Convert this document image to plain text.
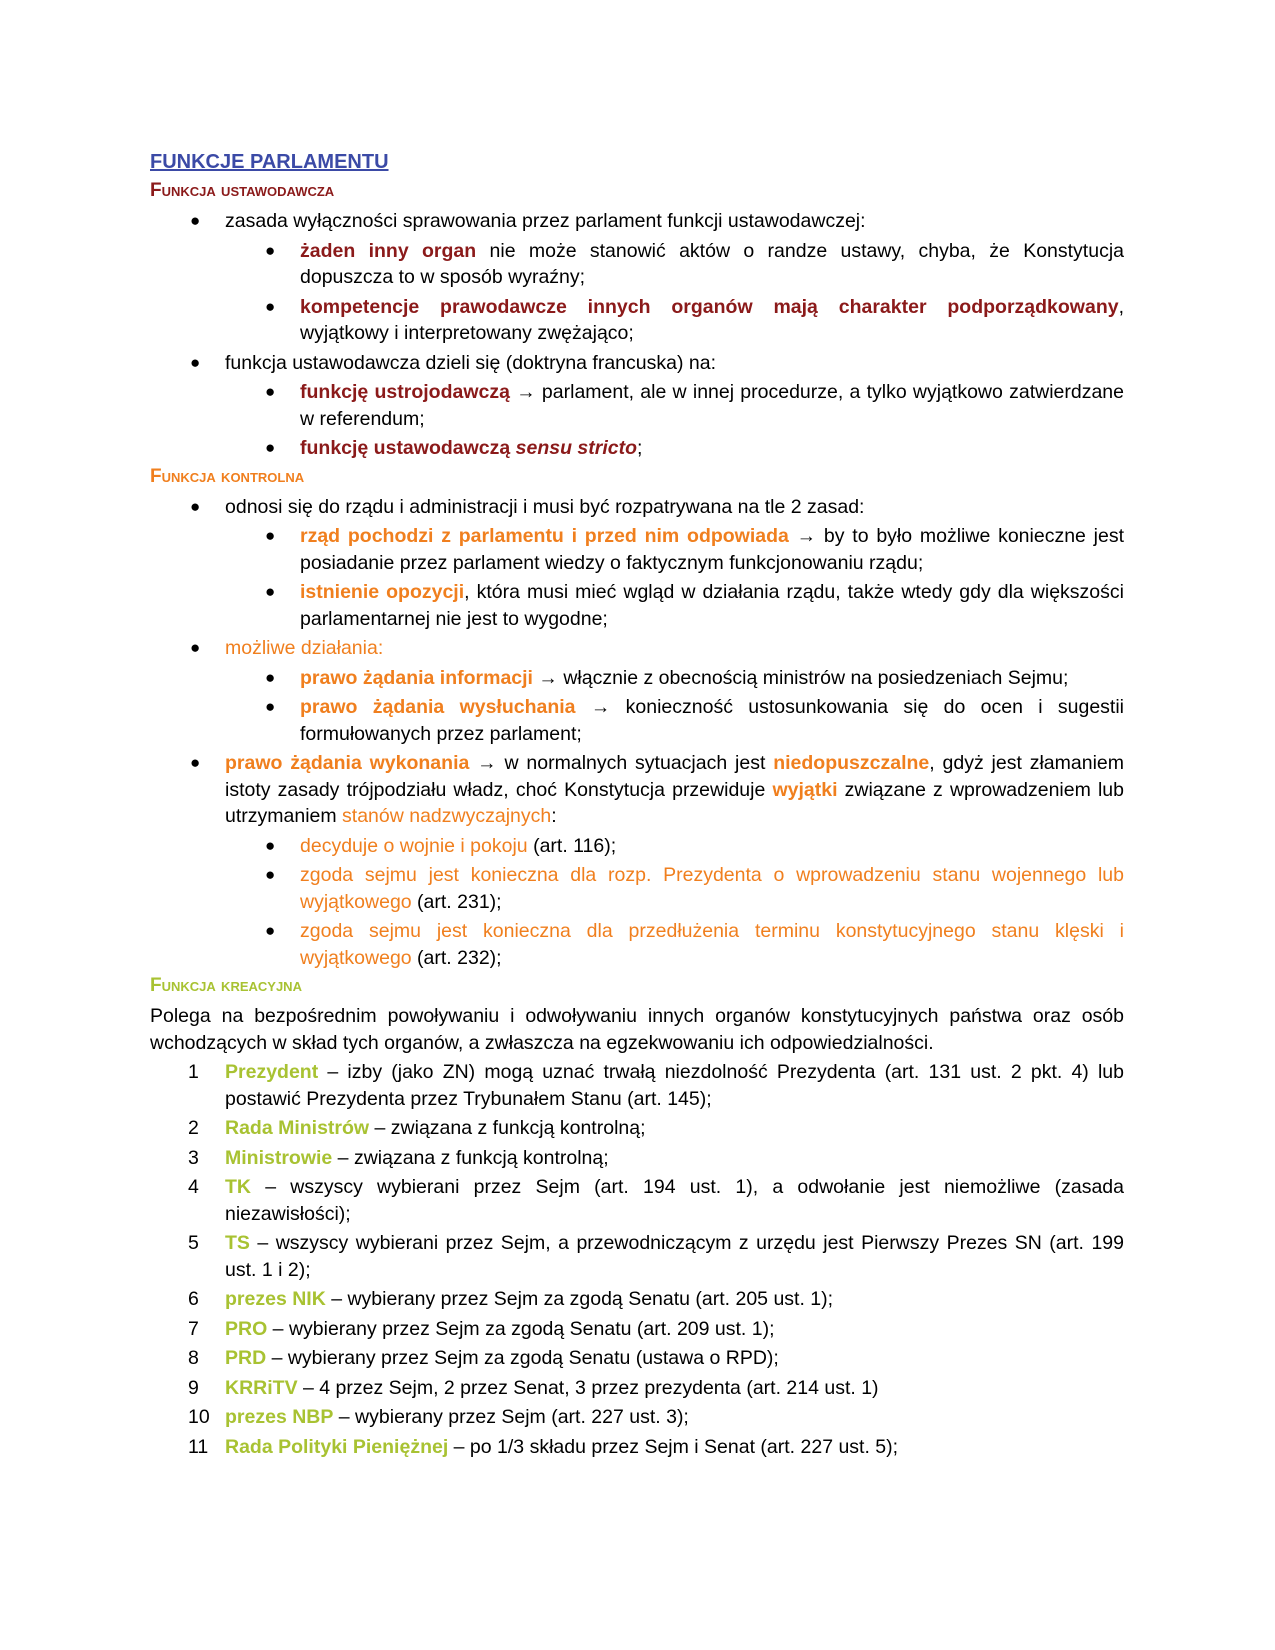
FUNKCJE PARLAMENTU
Funkcja ustawodawcza
● zasada wyłączności sprawowania przez parlament funkcji ustawodawczej:
● żaden inny organ nie może stanowić aktów o randze ustawy, chyba, że Konstytucja dopuszcza to w sposób wyraźny;
● kompetencje prawodawcze innych organów mają charakter podporządkowany, wyjątkowy i interpretowany zwężająco;
● funkcja ustawodawcza dzieli się (doktryna francuska) na:
● funkcję ustrojodawczą → parlament, ale w innej procedurze, a tylko wyjątkowo zatwierdzane w referendum;
● funkcję ustawodawczą sensu stricto;
Funkcja kontrolna
● odnosi się do rządu i administracji i musi być rozpatrywana na tle 2 zasad:
● rząd pochodzi z parlamentu i przed nim odpowiada → by to było możliwe konieczne jest posiadanie przez parlament wiedzy o faktycznym funkcjonowaniu rządu;
● istnienie opozycji, która musi mieć wgląd w działania rządu, także wtedy gdy dla większości parlamentarnej nie jest to wygodne;
● możliwe działania:
● prawo żądania informacji → włącznie z obecnością ministrów na posiedzeniach Sejmu;
● prawo żądania wysłuchania → konieczność ustosunkowania się do ocen i sugestii formułowanych przez parlament;
● prawo żądania wykonania → w normalnych sytuacjach jest niedopuszczalne, gdyż jest złamaniem istoty zasady trójpodziału władz, choć Konstytucja przewiduje wyjątki związane z wprowadzeniem lub utrzymaniem stanów nadzwyczajnych:
● decyduje o wojnie i pokoju (art. 116);
● zgoda sejmu jest konieczna dla rozp. Prezydenta o wprowadzeniu stanu wojennego lub wyjątkowego (art. 231);
● zgoda sejmu jest konieczna dla przedłużenia terminu konstytucyjnego stanu klęski i wyjątkowego (art. 232);
Funkcja kreacyjna
Polega na bezpośrednim powoływaniu i odwoływaniu innych organów konstytucyjnych państwa oraz osób wchodzących w skład tych organów, a zwłaszcza na egzekwowaniu ich odpowiedzialności.
1 Prezydent – izby (jako ZN) mogą uznać trwałą niezdolność Prezydenta (art. 131 ust. 2 pkt. 4) lub postawić Prezydenta przez Trybunałem Stanu (art. 145);
2 Rada Ministrów – związana z funkcją kontrolną;
3 Ministrowie – związana z funkcją kontrolną;
4 TK – wszyscy wybierani przez Sejm (art. 194 ust. 1), a odwołanie jest niemożliwe (zasada niezawisłości);
5 TS – wszyscy wybierani przez Sejm, a przewodniczącym z urzędu jest Pierwszy Prezes SN (art. 199 ust. 1 i 2);
6 prezes NIK – wybierany przez Sejm za zgodą Senatu (art. 205 ust. 1);
7 PRO – wybierany przez Sejm za zgodą Senatu (art. 209 ust. 1);
8 PRD – wybierany przez Sejm za zgodą Senatu (ustawa o RPD);
9 KRRiTV – 4 przez Sejm, 2 przez Senat, 3 przez prezydenta (art. 214 ust. 1)
10 prezes NBP – wybierany przez Sejm (art. 227 ust. 3);
11 Rada Polityki Pieniężnej – po 1/3 składu przez Sejm i Senat (art. 227 ust. 5);
